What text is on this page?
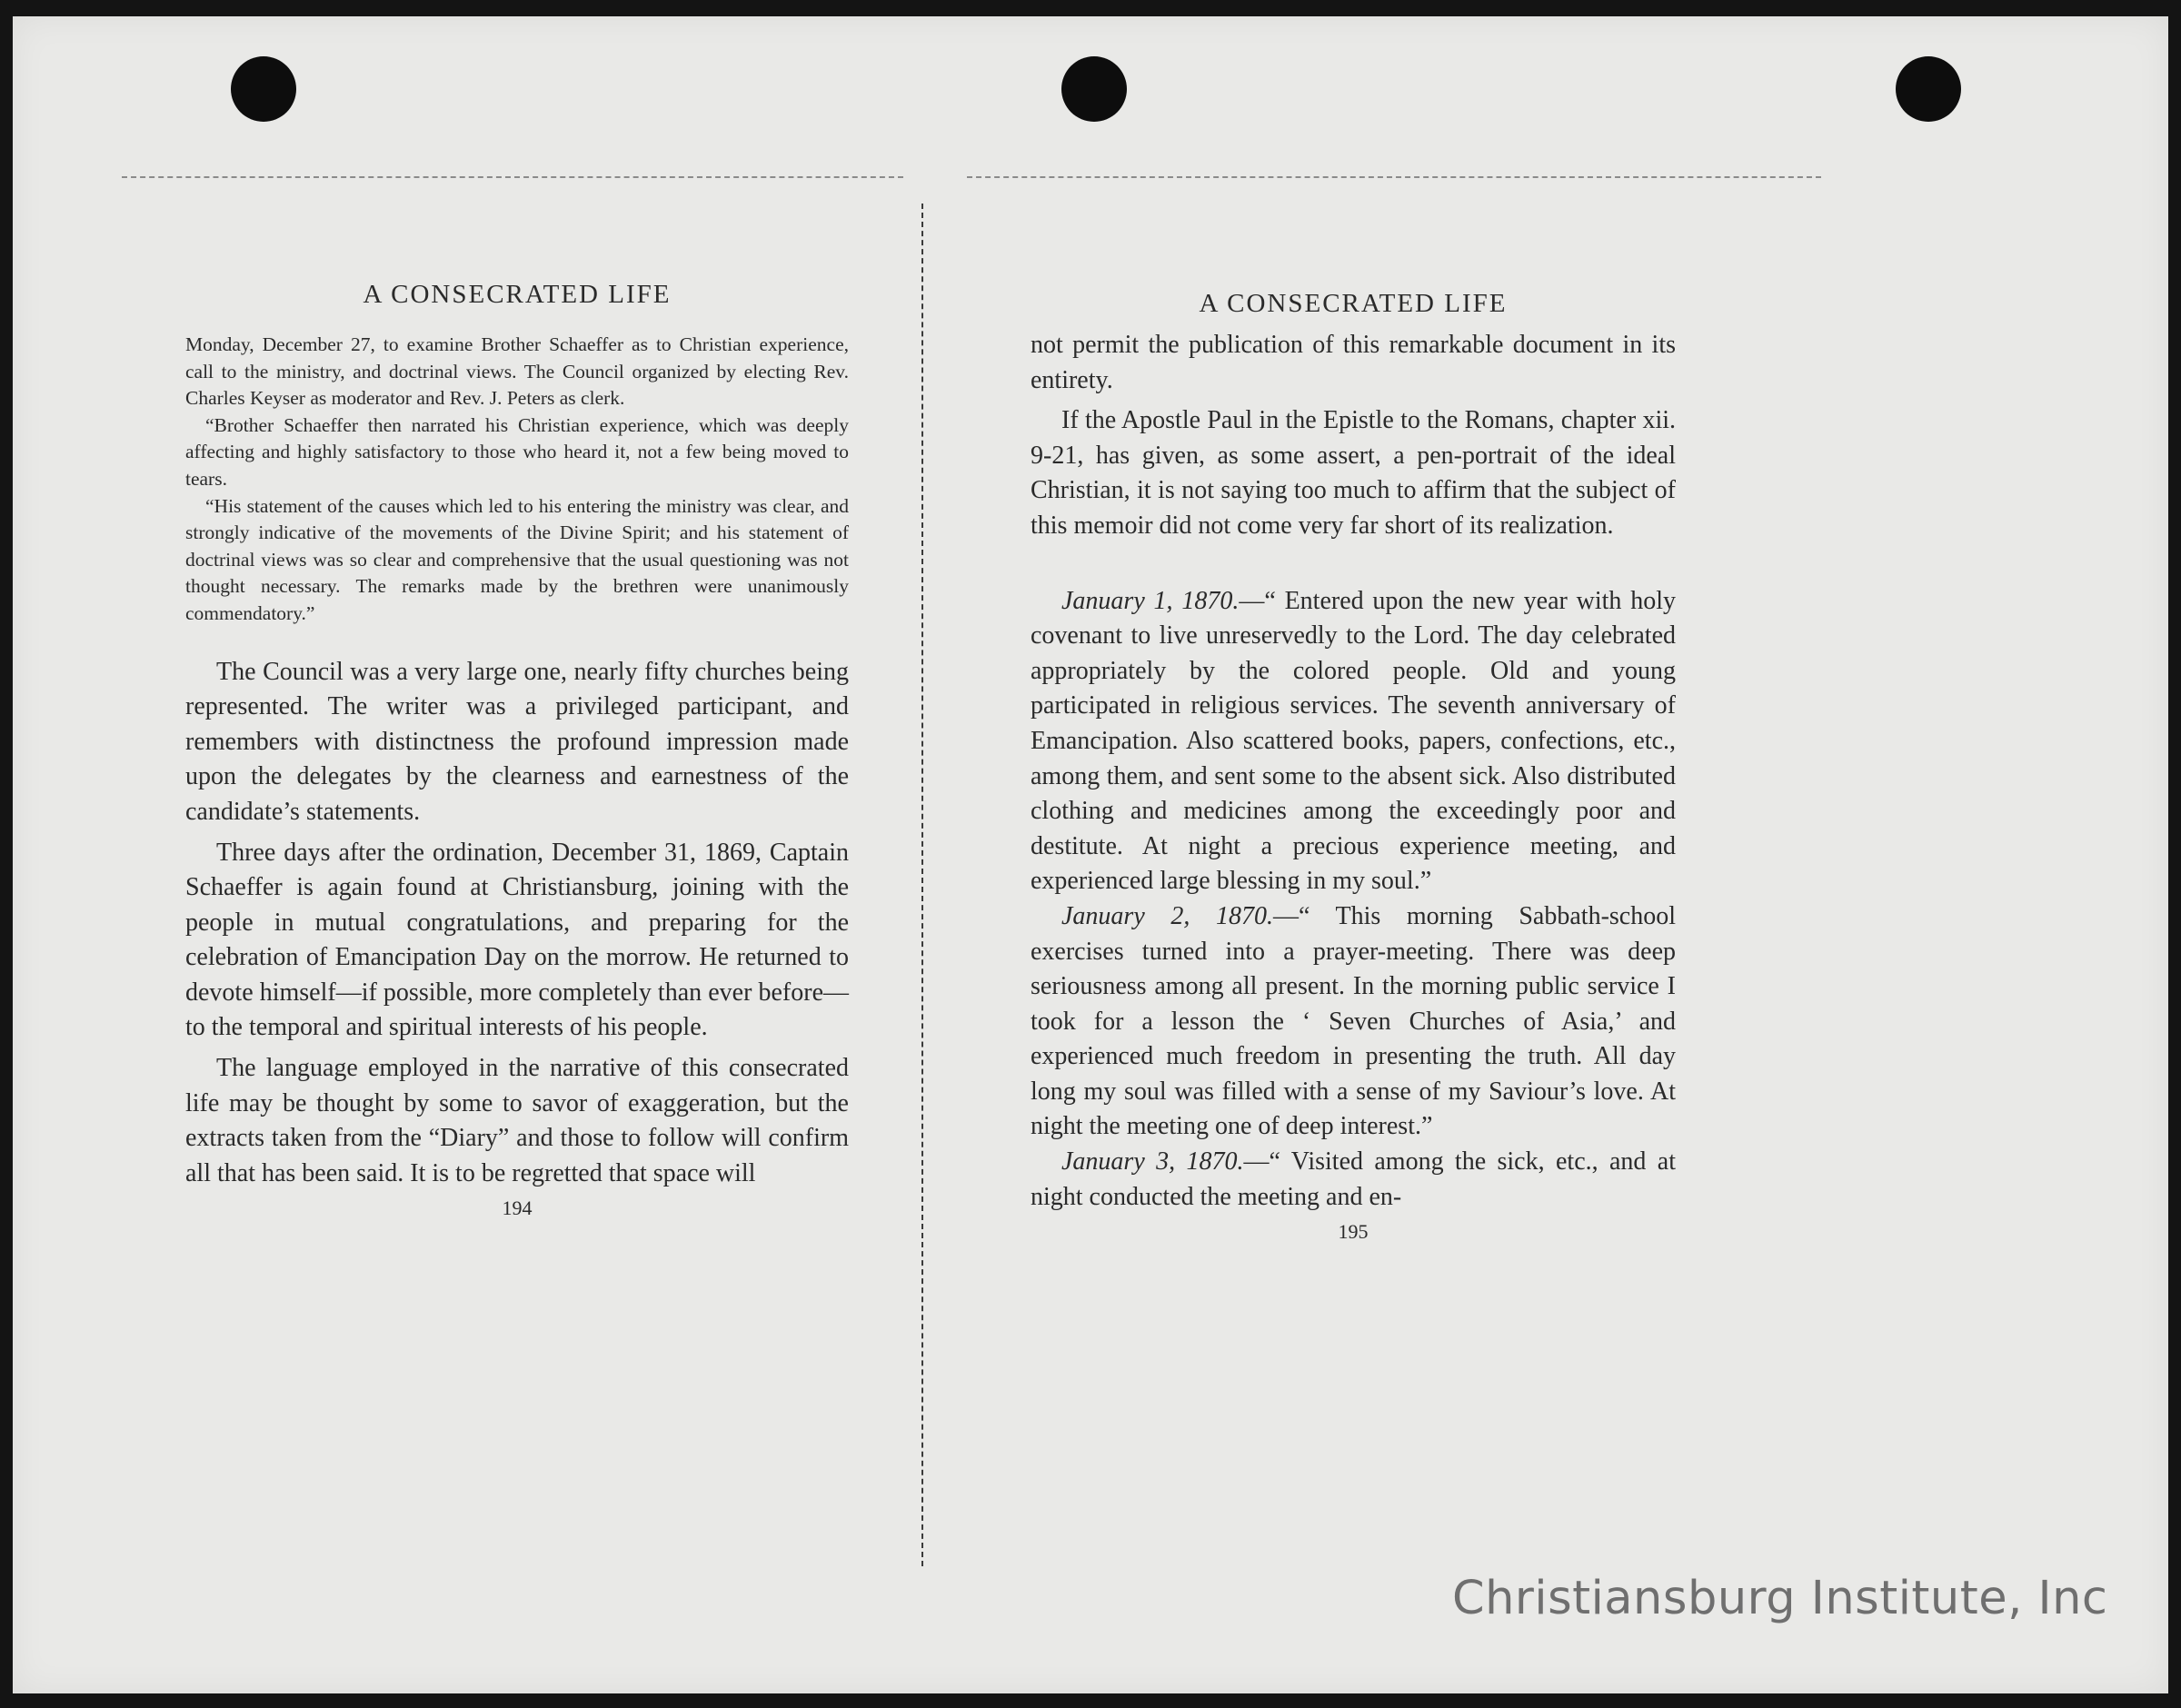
A CONSECRATED LIFE

Monday, December 27, to examine Brother Schaeffer as to Christian experience, call to the ministry, and doctrinal views. The Council organized by electing Rev. Charles Keyser as moderator and Rev. J. Peters as clerk.

“Brother Schaeffer then narrated his Christian experience, which was deeply affecting and highly satisfactory to those who heard it, not a few being moved to tears.

“His statement of the causes which led to his entering the ministry was clear, and strongly indicative of the movements of the Divine Spirit; and his statement of doctrinal views was so clear and comprehensive that the usual questioning was not thought necessary. The remarks made by the brethren were unanimously commendatory.”

The Council was a very large one, nearly fifty churches being represented. The writer was a privileged participant, and remembers with distinctness the profound impression made upon the delegates by the clearness and earnestness of the candidate’s statements.

Three days after the ordination, December 31, 1869, Captain Schaeffer is again found at Christiansburg, joining with the people in mutual congratulations, and preparing for the celebration of Emancipation Day on the morrow. He returned to devote himself—if possible, more completely than ever before—to the temporal and spiritual interests of his people.

The language employed in the narrative of this consecrated life may be thought by some to savor of exaggeration, but the extracts taken from the “Diary” and those to follow will confirm all that has been said. It is to be regretted that space will

194
A CONSECRATED LIFE

not permit the publication of this remarkable document in its entirety.

If the Apostle Paul in the Epistle to the Romans, chapter xii. 9-21, has given, as some assert, a pen-portrait of the ideal Christian, it is not saying too much to affirm that the subject of this memoir did not come very far short of its realization.

January 1, 1870.—“ Entered upon the new year with holy covenant to live unreservedly to the Lord. The day celebrated appropriately by the colored people. Old and young participated in religious services. The seventh anniversary of Emancipation. Also scattered books, papers, confections, etc., among them, and sent some to the absent sick. Also distributed clothing and medicines among the exceedingly poor and destitute. At night a precious experience meeting, and experienced large blessing in my soul.”

January 2, 1870.—“ This morning Sabbath-school exercises turned into a prayer-meeting. There was deep seriousness among all present. In the morning public service I took for a lesson the ‘ Seven Churches of Asia,’ and experienced much freedom in presenting the truth. All day long my soul was filled with a sense of my Saviour’s love. At night the meeting one of deep interest.”

January 3, 1870.—“ Visited among the sick, etc., and at night conducted the meeting and en-

195
Christiansburg Institute, Inc
